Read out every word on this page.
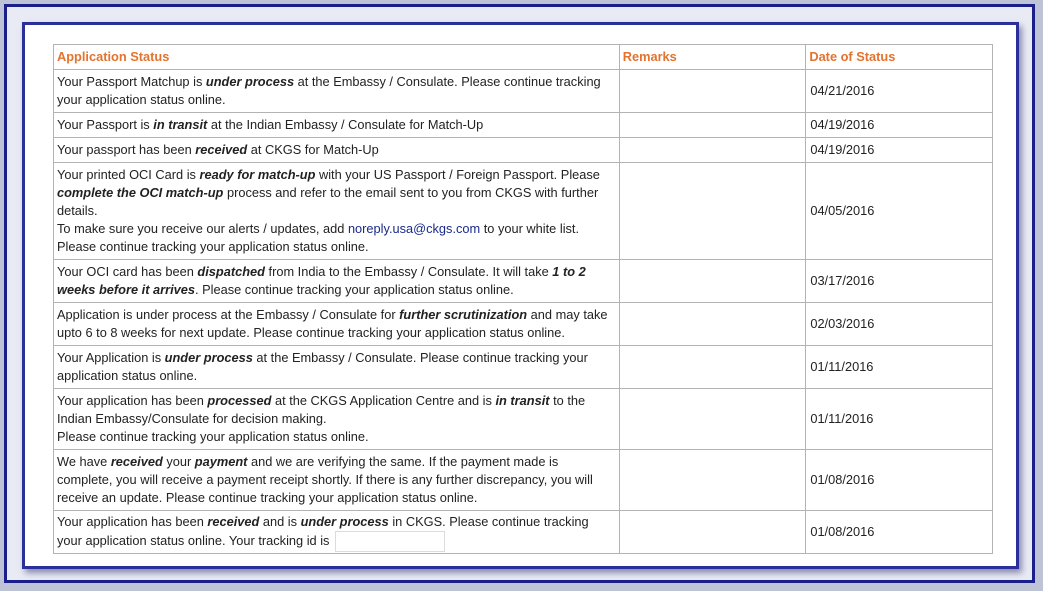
Application Status	Remarks	Date of Status
Your Passport Matchup is under process at the Embassy / Consulate. Please continue tracking your application status online.		04/21/2016
Your Passport is in transit at the Indian Embassy / Consulate for Match-Up		04/19/2016
Your passport has been received at CKGS for Match-Up		04/19/2016
Your printed OCI Card is ready for match-up with your US Passport / Foreign Passport. Please complete the OCI match-up process and refer to the email sent to you from CKGS with further details.
To make sure you receive our alerts / updates, add noreply.usa@ckgs.com to your white list.
Please continue tracking your application status online.		04/05/2016
Your OCI card has been dispatched from India to the Embassy / Consulate. It will take 1 to 2 weeks before it arrives. Please continue tracking your application status online.		03/17/2016
Application is under process at the Embassy / Consulate for further scrutinization and may take upto 6 to 8 weeks for next update. Please continue tracking your application status online.		02/03/2016
Your Application is under process at the Embassy / Consulate. Please continue tracking your application status online.		01/11/2016
Your application has been processed at the CKGS Application Centre and is in transit to the Indian Embassy/Consulate for decision making.
Please continue tracking your application status online.		01/11/2016
We have received your payment and we are verifying the same. If the payment made is complete, you will receive a payment receipt shortly. If there is any further discrepancy, you will receive an update. Please continue tracking your application status online.		01/08/2016
Your application has been received and is under process in CKGS. Please continue tracking your application status online. Your tracking id is		01/08/2016
